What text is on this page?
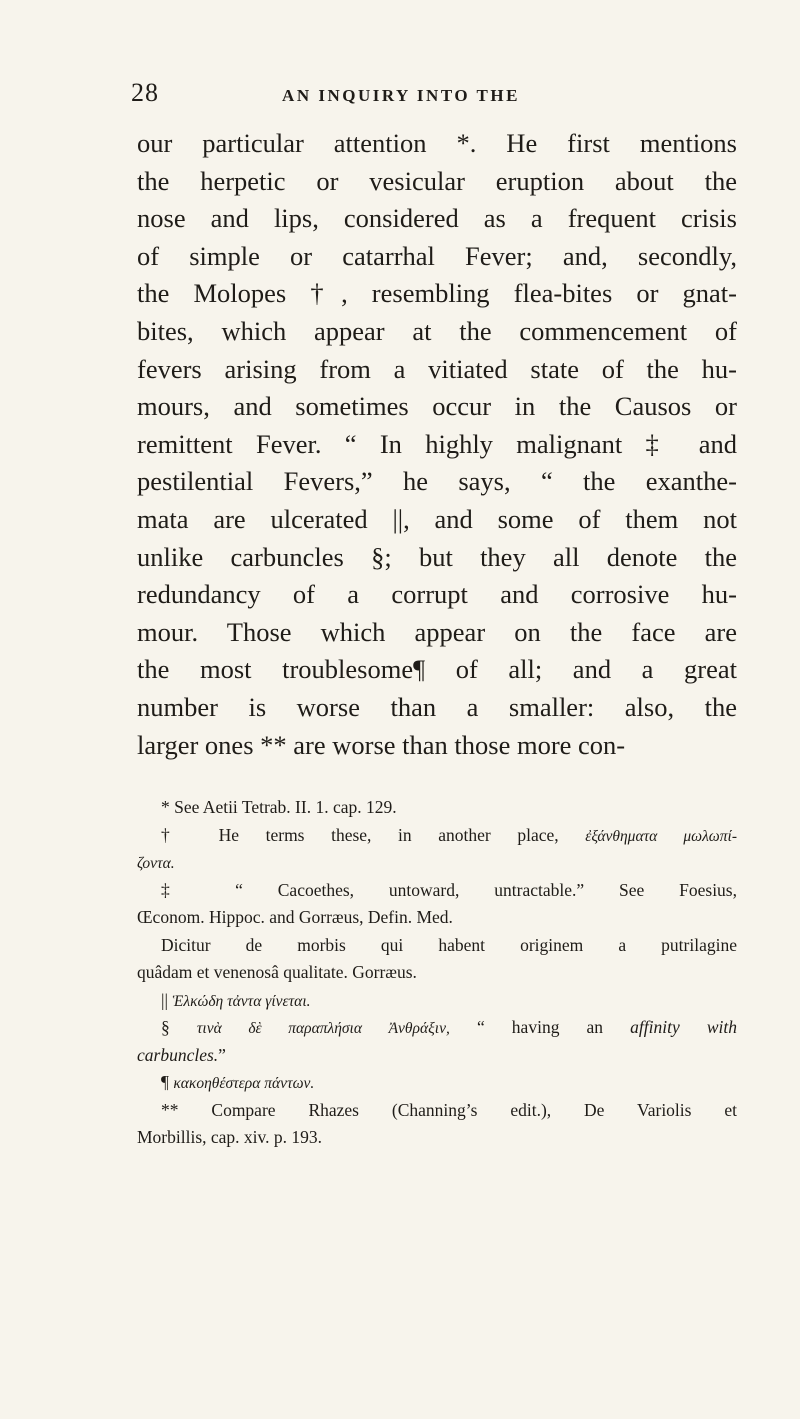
28	AN INQUIRY INTO THE
our particular attention *. He first mentions
the herpetic or vesicular eruption about the
nose and lips, considered as a frequent crisis
of simple or catarrhal Fever; and, secondly,
the Molopes †, resembling flea-bites or gnat-
bites, which appear at the commencement of
fevers arising from a vitiated state of the hu-
mours, and sometimes occur in the Causos or
remittent Fever. “ In highly malignant ‡ and
pestilential Fevers,” he says, “ the exanthe-
mata are ulcerated ||, and some of them not
unlike carbuncles §; but they all denote the
redundancy of a corrupt and corrosive hu-
mour. Those which appear on the face are
the most troublesome¶ of all; and a great
number is worse than a smaller: also, the
larger ones ** are worse than those more con-
* See Aetii Tetrab. II. 1. cap. 129.
† He terms these, in another place, ἐξάνθηματα μωλωπί-
ζοντα.
‡ “ Cacoethes, untoward, untractable.” See Foesius,
Œconom. Hippoc. and Gorræus, Defin. Med.
Dicitur de morbis qui habent originem a putrilagine
quâdam et venenosâ qualitate. Gorræus.
|| Ἑλκώδη τἀντα γίνεται.
§ τινὰ δὲ παραπλήσια Ἀνθράξιν, “ having an affinity with
carbuncles.”
¶ κακοηθέστερα πάντων.
** Compare Rhazes (Channing’s edit.), De Variolis et
Morbillis, cap. xiv. p. 193.
